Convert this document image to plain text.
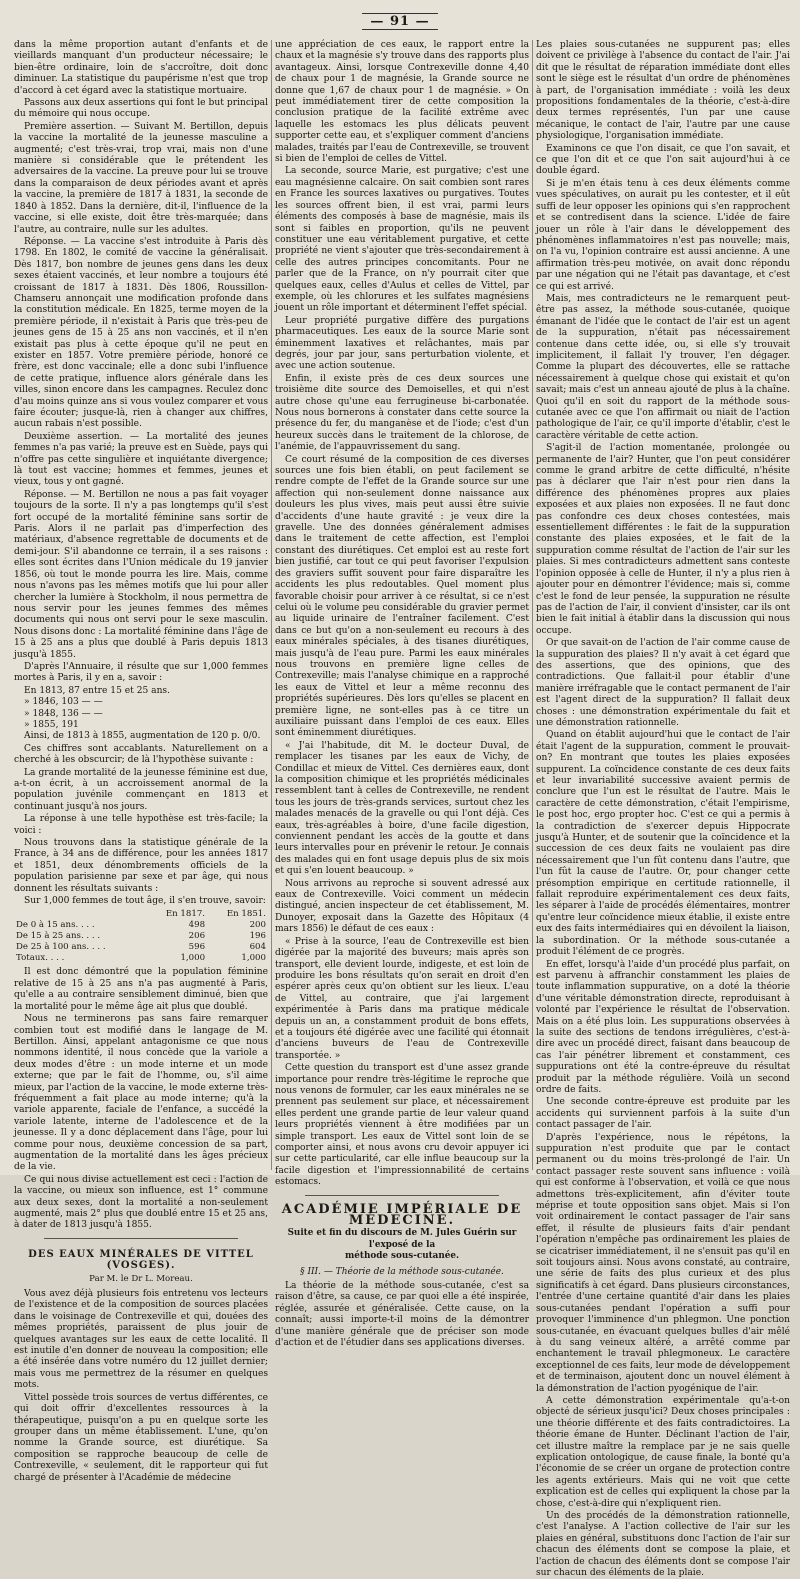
— 91 —

dans la même proportion autant d'enfants et de vieillards manquant d'un producteur nécessaire; le bien-être ordinaire, loin de s'accroître, doit donc diminuer. La statistique du paupérisme n'est que trop d'accord à cet égard avec la statistique mortuaire.

Passons aux deux assertions qui font le but principal du mémoire qui nous occupe.

Première assertion. — Suivant M. Bertillon, depuis la vaccine la mortalité de la jeunesse masculine a augmenté; c'est très-vrai, trop vrai, mais non d'une manière si considérable que le prétendent les adversaires de la vaccine. La preuve pour lui se trouve dans la comparaison de deux périodes avant et après la vaccine, la première de 1817 à 1831, la seconde de 1840 à 1852. Dans la dernière, dit-il, l'influence de la vaccine, si elle existe, doit être très-marquée; dans l'autre, au contraire, nulle sur les adultes.

Réponse. — La vaccine s'est introduite à Paris dès 1798. En 1802, le comité de vaccine la généralisait. Dès 1817, bon nombre de jeunes gens dans les deux sexes étaient vaccinés, et leur nombre a toujours été croissant de 1817 à 1831. Dès 1806, Roussillon-Chamseru annonçait une modification profonde dans la constitution médicale. En 1825, terme moyen de la première période, il n'existait à Paris que très-peu de jeunes gens de 15 à 25 ans non vaccinés, et il n'en existait pas plus à cette époque qu'il ne peut en exister en 1857. Votre première période, honoré ce frère, est donc vaccinale; elle a donc subi l'influence de cette pratique, influence alors générale dans les villes, sinon encore dans les campagnes. Reculez donc d'au moins quinze ans si vous voulez comparer et vous faire écouter; jusque-là, rien à changer aux chiffres, aucun rabais n'est possible.

Deuxième assertion. — La mortalité des jeunes femmes n'a pas varié; la preuve est en Suède, pays qui n'offre pas cette singulière et inquiétante divergence; là tout est vaccine; hommes et femmes, jeunes et vieux, tous y ont gagné.

Réponse. — M. Bertillon ne nous a pas fait voyager toujours de la sorte. Il n'y a pas longtemps qu'il s'est fort occupé de la mortalité féminine sans sortir de Paris. Alors il ne parlait pas d'imperfection des matériaux, d'absence regrettable de documents et de demi-jour. S'il abandonne ce terrain, il a ses raisons : elles sont écrites dans l'Union médicale du 19 janvier 1856, où tout le monde pourra les lire. Mais, comme nous n'avons pas les mêmes motifs que lui pour aller chercher la lumière à Stockholm, il nous permettra de nous servir pour les jeunes femmes des mêmes documents qui nous ont servi pour le sexe masculin. Nous disons donc : La mortalité féminine dans l'âge de 15 à 25 ans a plus que doublé à Paris depuis 1813 jusqu'à 1855.

D'après l'Annuaire, il résulte que sur 1,000 femmes mortes à Paris, il y en a, savoir :

En 1813, 87 entre 15 et 25 ans.
» 1846, 103 — —
» 1848, 136 — —
» 1855, 191

Ainsi, de 1813 à 1855, augmentation de 120 p. 0/0.

Ces chiffres sont accablants. Naturellement on a cherché à les obscurcir; de là l'hypothèse suivante :

La grande mortalité de la jeunesse féminine est due, a-t-on écrit, à un accroissement anormal de la population juvénile commençant en 1813 et continuant jusqu'à nos jours.

La réponse à une telle hypothèse est très-facile; la voici :

Nous trouvons dans la statistique générale de la France, à 34 ans de différence, pour les années 1817 et 1851, deux dénombrements officiels de la population parisienne par sexe et par âge, qui nous donnent les résultats suivants :

Sur 1,000 femmes de tout âge, il s'en trouve, savoir:

	En 1817.	En 1851.
De 0 à 15 ans. . . .	498	200
De 15 à 25 ans. . . .	206	196
De 25 à 100 ans. . . .	596	604
Totaux. . . .	1,000	1,000

Il est donc démontré que la population féminine relative de 15 à 25 ans n'a pas augmenté à Paris, qu'elle a au contraire sensiblement diminué, bien que la mortalité pour le même âge ait plus que doublé.

Nous ne terminerons pas sans faire remarquer combien tout est modifié dans le langage de M. Bertillon. Ainsi, appelant antagonisme ce que nous nommons identité, il nous concède que la variole a deux modes d'être : un mode interne et un mode externe; que par le fait de l'homme, ou, s'il aime mieux, par l'action de la vaccine, le mode externe très-fréquemment a fait place au mode interne; qu'à la variole apparente, faciale de l'enfance, a succédé la variole latente, interne de l'adolescence et de la jeunesse. Il y a donc déplacement dans l'âge, pour lui comme pour nous, deuxième concession de sa part, augmentation de la mortalité dans les âges précieux de la vie.

Ce qui nous divise actuellement est ceci : l'action de la vaccine, ou mieux son influence, est 1° commune aux deux sexes, dont la mortalité a non-seulement augmenté, mais 2° plus que doublé entre 15 et 25 ans, à dater de 1813 jusqu'à 1855.

DES EAUX MINÉRALES DE VITTEL (VOSGES).
Par M. le Dr L. Moreau.

Vous avez déjà plusieurs fois entretenu vos lecteurs de l'existence et de la composition de sources placées dans le voisinage de Contrexeville et qui, douées des mêmes propriétés, paraissent de plus jouir de quelques avantages sur les eaux de cette localité. Il est inutile d'en donner de nouveau la composition; elle a été insérée dans votre numéro du 12 juillet dernier; mais vous me permettrez de la résumer en quelques mots.

Vittel possède trois sources de vertus différentes, ce qui doit offrir d'excellentes ressources à la thérapeutique, puisqu'on a pu en quelque sorte les grouper dans un même établissement. L'une, qu'on nomme la Grande source, est diurétique. Sa composition se rapproche beaucoup de celle de Contrexeville, « seulement, dit le rapporteur qui fut chargé de présenter à l'Académie de médecine

une appréciation de ces eaux, le rapport entre la chaux et la magnésie s'y trouve dans des rapports plus avantageux. Ainsi, lorsque Contrexeville donne 4,40 de chaux pour 1 de magnésie, la Grande source ne donne que 1,67 de chaux pour 1 de magnésie. » On peut immédiatement tirer de cette composition la conclusion pratique de la facilité extrême avec laquelle les estomacs les plus délicats peuvent supporter cette eau, et s'expliquer comment d'anciens malades, traités par l'eau de Contrexeville, se trouvent si bien de l'emploi de celles de Vittel.

La seconde, source Marie, est purgative; c'est une eau magnésienne calcaire. On sait combien sont rares en France les sources laxatives ou purgatives. Toutes les sources offrent bien, il est vrai, parmi leurs éléments des composés à base de magnésie, mais ils sont si faibles en proportion, qu'ils ne peuvent constituer une eau véritablement purgative, et cette propriété ne vient s'ajouter que très-secondairement à celle des autres principes concomitants. Pour ne parler que de la France, on n'y pourrait citer que quelques eaux, celles d'Aulus et celles de Vittel, par exemple, où les chlorures et les sulfates magnésiens jouent un rôle important et déterminent l'effet spécial.

Leur propriété purgative diffère des purgations pharmaceutiques. Les eaux de la source Marie sont éminemment laxatives et relâchantes, mais par degrés, jour par jour, sans perturbation violente, et avec une action soutenue.

Enfin, il existe près de ces deux sources une troisième dite source des Demoiselles, et qui n'est autre chose qu'une eau ferrugineuse bi-carbonatée. Nous nous bornerons à constater dans cette source la présence du fer, du manganèse et de l'iode; c'est d'un heureux succès dans le traitement de la chlorose, de l'anémie, de l'appauvrissement du sang.

Ce court résumé de la composition de ces diverses sources une fois bien établi, on peut facilement se rendre compte de l'effet de la Grande source sur une affection qui non-seulement donne naissance aux douleurs les plus vives, mais peut aussi être suivie d'accidents d'une haute gravité : je veux dire la gravelle. Une des données généralement admises dans le traitement de cette affection, est l'emploi constant des diurétiques. Cet emploi est au reste fort bien justifié, car tout ce qui peut favoriser l'expulsion des graviers suffit souvent pour faire disparaître les accidents les plus redoutables. Quel moment plus favorable choisir pour arriver à ce résultat, si ce n'est celui où le volume peu considérable du gravier permet au liquide urinaire de l'entraîner facilement. C'est dans ce but qu'on a non-seulement eu recours à des eaux minérales spéciales, à des tisanes diurétiques, mais jusqu'à de l'eau pure. Parmi les eaux minérales nous trouvons en première ligne celles de Contrexeville; mais l'analyse chimique en a rapproché les eaux de Vittel et leur a même reconnu des propriétés supérieures. Dès lors qu'elles se placent en première ligne, ne sont-elles pas à ce titre un auxiliaire puissant dans l'emploi de ces eaux. Elles sont éminemment diurétiques.

« J'ai l'habitude, dit M. le docteur Duval, de remplacer les tisanes par les eaux de Vichy, de Condillac et mieux de Vittel. Ces dernières eaux, dont la composition chimique et les propriétés médicinales ressemblent tant à celles de Contrexeville, ne rendent tous les jours de très-grands services, surtout chez les malades menacés de la gravelle ou qui l'ont déjà. Ces eaux, très-agréables à boire, d'une facile digestion, conviennent pendant les accès de la goutte et dans leurs intervalles pour en prévenir le retour. Je connais des malades qui en font usage depuis plus de six mois et qui s'en louent beaucoup. »

Nous arrivons au reproche si souvent adressé aux eaux de Contrexeville. Voici comment un médecin distingué, ancien inspecteur de cet établissement, M. Dunoyer, exposait dans la Gazette des Hôpitaux (4 mars 1856) le défaut de ces eaux :

« Prise à la source, l'eau de Contrexeville est bien digérée par la majorité des buveurs; mais après son transport, elle devient lourde, indigeste, et est loin de produire les bons résultats qu'on serait en droit d'en espérer après ceux qu'on obtient sur les lieux. L'eau de Vittel, au contraire, que j'ai largement expérimentée à Paris dans ma pratique médicale depuis un an, a constamment produit de bons effets, et a toujours été digérée avec une facilité qui étonnait d'anciens buveurs de l'eau de Contrexeville transportée. »

Cette question du transport est d'une assez grande importance pour rendre très-légitime le reproche que nous venons de formuler, car les eaux minérales ne se prennent pas seulement sur place, et nécessairement elles perdent une grande partie de leur valeur quand leurs propriétés viennent à être modifiées par un simple transport. Les eaux de Vittel sont loin de se comporter ainsi, et nous avons cru devoir appuyer ici sur cette particularité, car elle influe beaucoup sur la facile digestion et l'impressionnabilité de certains estomacs.

ACADÉMIE IMPÉRIALE DE MÉDECINE.
Suite et fin du discours de M. Jules Guérin sur l'exposé de la
méthode sous-cutanée.
§ III. — Théorie de la méthode sous-cutanée.

La théorie de la méthode sous-cutanée, c'est sa raison d'être, sa cause, ce par quoi elle a été inspirée, réglée, assurée et généralisée. Cette cause, on la connaît; aussi importe-t-il moins de la démontrer d'une manière générale que de préciser son mode d'action et de l'étudier dans ses applications diverses.

Les plaies sous-cutanées ne suppurent pas; elles doivent ce privilège à l'absence du contact de l'air. J'ai dit que le résultat de réparation immédiate dont elles sont le siège est le résultat d'un ordre de phénomènes à part, de l'organisation immédiate : voilà les deux propositions fondamentales de la théorie, c'est-à-dire deux termes représentés, l'un par une cause mécanique, le contact de l'air, l'autre par une cause physiologique, l'organisation immédiate.

Examinons ce que l'on disait, ce que l'on savait, et ce que l'on dit et ce que l'on sait aujourd'hui à ce double égard.

Si je m'en étais tenu à ces deux éléments comme vues spéculatives, on aurait pu les contester, et il eût suffi de leur opposer les opinions qui s'en rapprochent et se contredisent dans la science. L'idée de faire jouer un rôle à l'air dans le développement des phénomènes inflammatoires n'est pas nouvelle; mais, on l'a vu, l'opinion contraire est aussi ancienne. A une affirmation très-peu motivée, on avait donc répondu par une négation qui ne l'était pas davantage, et c'est ce qui est arrivé.

Mais, mes contradicteurs ne le remarquent peut-être pas assez, la méthode sous-cutanée, quoique émanant de l'idée que le contact de l'air est un agent de la suppuration, n'était pas nécessairement contenue dans cette idée, ou, si elle s'y trouvait implicitement, il fallait l'y trouver, l'en dégager. Comme la plupart des découvertes, elle se rattache nécessairement à quelque chose qui existait et qu'on savait; mais c'est un anneau ajouté de plus à la chaîne. Quoi qu'il en soit du rapport de la méthode sous-cutanée avec ce que l'on affirmait ou niait de l'action pathologique de l'air, ce qu'il importe d'établir, c'est le caractère véritable de cette action.

S'agit-il de l'action momentanée, prolongée ou permanente de l'air? Hunter, que l'on peut considérer comme le grand arbitre de cette difficulté, n'hésite pas à déclarer que l'air n'est pour rien dans la différence des phénomènes propres aux plaies exposées et aux plaies non exposées. Il ne faut donc pas confondre ces deux choses contestées, mais essentiellement différentes : le fait de la suppuration constante des plaies exposées, et le fait de la suppuration comme résultat de l'action de l'air sur les plaies. Si mes contradicteurs admettent sans conteste l'opinion opposée à celle de Hunter, il n'y a plus rien à ajouter pour en démontrer l'évidence; mais si, comme c'est le fond de leur pensée, la suppuration ne résulte pas de l'action de l'air, il convient d'insister, car ils ont bien le fait initial à établir dans la discussion qui nous occupe.

Or que savait-on de l'action de l'air comme cause de la suppuration des plaies? Il n'y avait à cet égard que des assertions, que des opinions, que des contradictions. Que fallait-il pour établir d'une manière irréfragable que le contact permanent de l'air est l'agent direct de la suppuration? Il fallait deux choses : une démonstration expérimentale du fait et une démonstration rationnelle.

Quand on établit aujourd'hui que le contact de l'air était l'agent de la suppuration, comment le prouvait-on? En montrant que toutes les plaies exposées suppurent. La coïncidence constante de ces deux faits et leur invariabilité successive avaient permis de conclure que l'un est le résultat de l'autre. Mais le caractère de cette démonstration, c'était l'empirisme, le post hoc, ergo propter hoc. C'est ce qui a permis à la contradiction de s'exercer depuis Hippocrate jusqu'à Hunter, et de soutenir que la coïncidence et la succession de ces deux faits ne voulaient pas dire nécessairement que l'un fût contenu dans l'autre, que l'un fût la cause de l'autre. Or, pour changer cette présomption empirique en certitude rationnelle, il fallait reproduire expérimentalement ces deux faits, les séparer à l'aide de procédés élémentaires, montrer qu'entre leur coïncidence mieux établie, il existe entre eux des faits intermédiaires qui en dévoilent la liaison, la subordination. Or la méthode sous-cutanée a produit l'élément de ce progrès.

En effet, lorsqu'à l'aide d'un procédé plus parfait, on est parvenu à affranchir constamment les plaies de toute inflammation suppurative, on a doté la théorie d'une véritable démonstration directe, reproduisant à volonté par l'expérience le résultat de l'observation. Mais on a été plus loin. Les suppurations observées à la suite des sections de tendons irrégulières, c'est-à-dire avec un procédé direct, faisant dans beaucoup de cas l'air pénétrer librement et constamment, ces suppurations ont été la contre-épreuve du résultat produit par la méthode régulière. Voilà un second ordre de faits.

Une seconde contre-épreuve est produite par les accidents qui surviennent parfois à la suite d'un contact passager de l'air.

D'après l'expérience, nous le répétons, la suppuration n'est produite que par le contact permanent ou du moins très-prolongé de l'air. Un contact passager reste souvent sans influence : voilà qui est conforme à l'observation, et voilà ce que nous admettons très-explicitement, afin d'éviter toute méprise et toute opposition sans objet. Mais si l'on voit ordinairement le contact passager de l'air sans effet, il résulte de plusieurs faits d'air pendant l'opération n'empêche pas ordinairement les plaies de se cicatriser immédiatement, il ne s'ensuit pas qu'il en soit toujours ainsi. Nous avons constaté, au contraire, une série de faits des plus curieux et des plus significatifs à cet égard. Dans plusieurs circonstances, l'entrée d'une certaine quantité d'air dans les plaies sous-cutanées pendant l'opération a suffi pour provoquer l'imminence d'un phlegmon. Une ponction sous-cutanée, en évacuant quelques bulles d'air mêlé à du sang veineux altéré, a arrêté comme par enchantement le travail phlegmoneux. Le caractère exceptionnel de ces faits, leur mode de développement et de terminaison, ajoutent donc un nouvel élément à la démonstration de l'action pyogénique de l'air.

A cette démonstration expérimentale qu'a-t-on objecté de sérieux jusqu'ici? Deux choses principales : une théorie différente et des faits contradictoires. La théorie émane de Hunter. Déclinant l'action de l'air, cet illustre maître la remplace par je ne sais quelle explication ontologique, de cause finale, la bonté qu'a l'économie de se créer un organe de protection contre les agents extérieurs. Mais qui ne voit que cette explication est de celles qui expliquent la chose par la chose, c'est-à-dire qui n'expliquent rien.

Un des procédés de la démonstration rationnelle, c'est l'analyse. A l'action collective de l'air sur les plaies en général, substituons donc l'action de l'air sur chacun des éléments dont se compose la plaie, et l'action de chacun des éléments dont se compose l'air sur chacun des éléments de la plaie.
